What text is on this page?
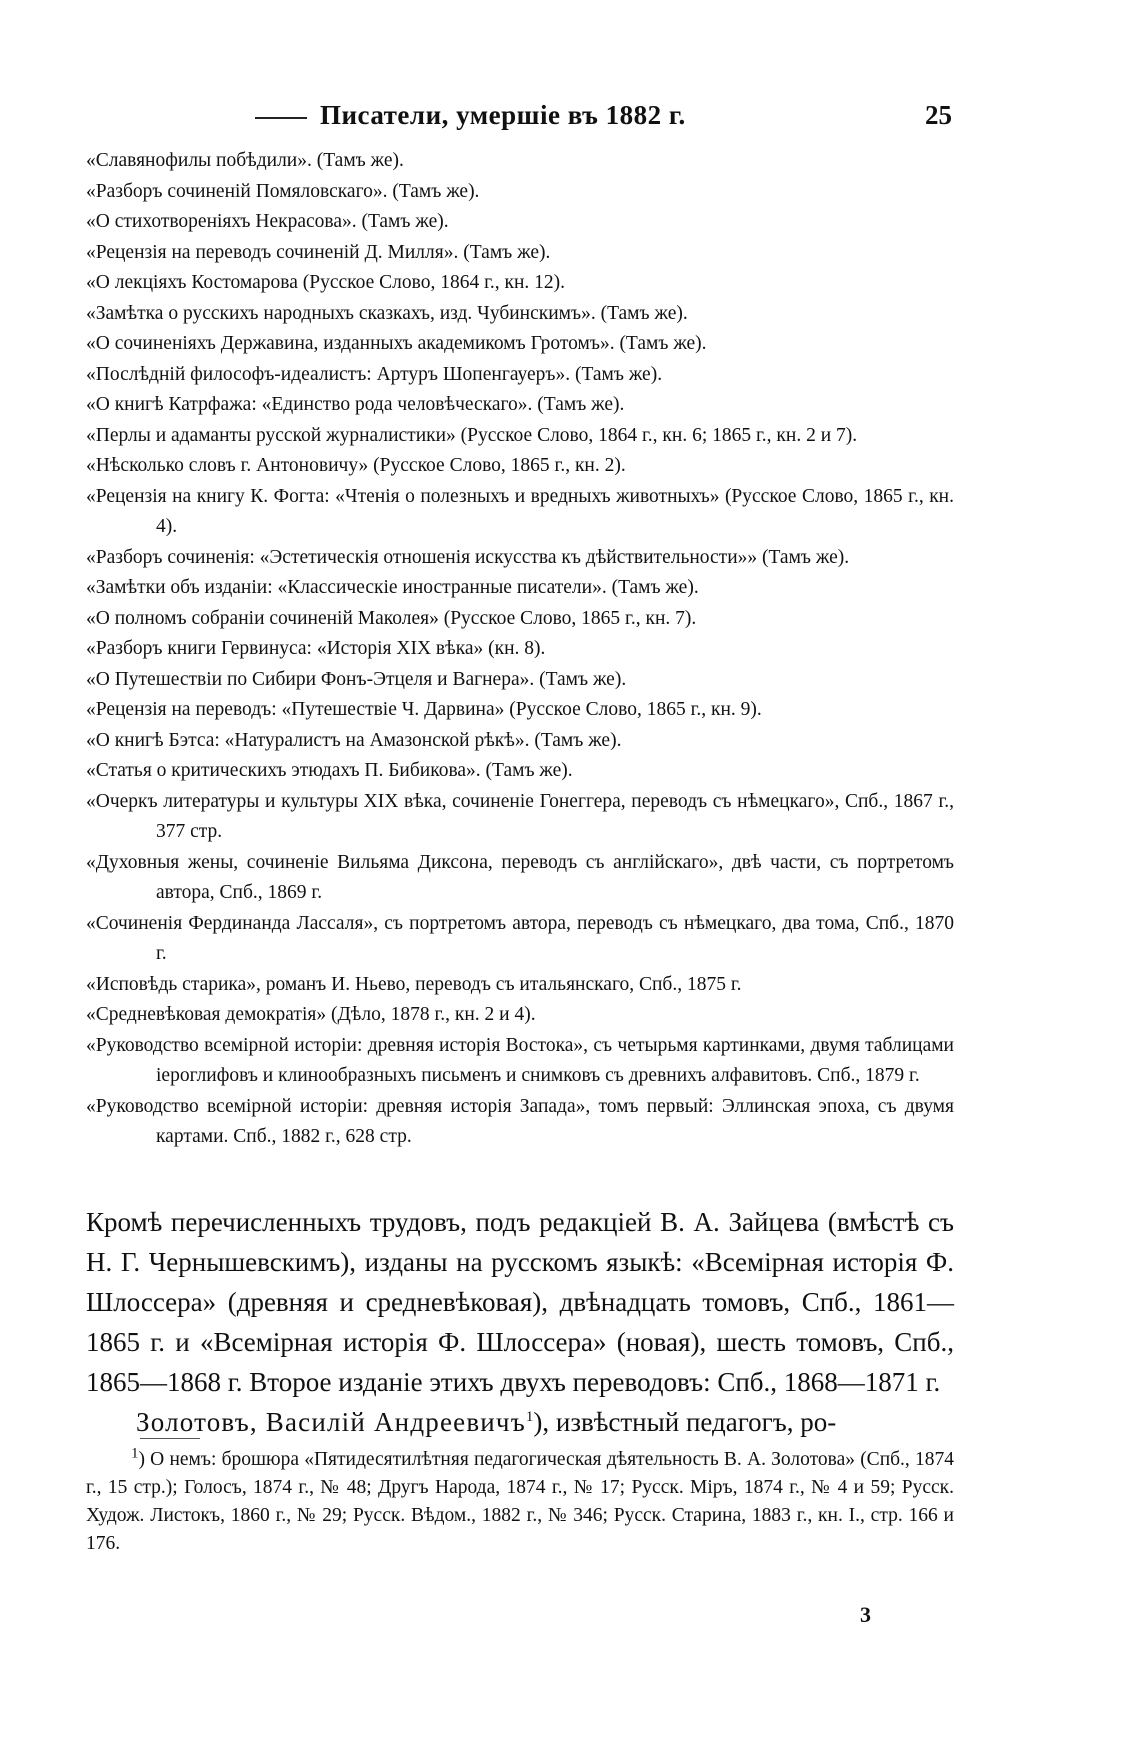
Писатели, умершіе въ 1882 г.	25
«Славянофилы побѣдили». (Тамъ же).
«Разборъ сочиненій Помяловскаго». (Тамъ же).
«О стихотвореніяхъ Некрасова». (Тамъ же).
«Рецензія на переводъ сочиненій Д. Милля». (Тамъ же).
«О лекціяхъ Костомарова (Русское Слово, 1864 г., кн. 12).
«Замѣтка о русскихъ народныхъ сказкахъ, изд. Чубинскимъ». (Тамъ же).
«О сочиненіяхъ Державина, изданныхъ академикомъ Гротомъ». (Тамъ же).
«Послѣдній философъ-идеалистъ: Артуръ Шопенгауеръ». (Тамъ же).
«О книгѣ Катрфажа: «Единство рода человѣческаго». (Тамъ же).
«Перлы и адаманты русской журналистики» (Русское Слово, 1864 г., кн. 6; 1865 г., кн. 2 и 7).
«Нѣсколько словъ г. Антоновичу» (Русское Слово, 1865 г., кн. 2).
«Рецензія на книгу К. Фогта: «Чтенія о полезныхъ и вредныхъ животныхъ» (Русское Слово, 1865 г., кн. 4).
«Разборъ сочиненія: «Эстетическія отношенія искусства къ дѣйствительности»» (Тамъ же).
«Замѣтки объ изданіи: «Классическіе иностранные писатели». (Тамъ же).
«О полномъ собраніи сочиненій Маколея» (Русское Слово, 1865 г., кн. 7).
«Разборъ книги Гервинуса: «Исторія XIX вѣка» (кн. 8).
«О Путешествіи по Сибири Фонъ-Этцеля и Вагнера». (Тамъ же).
«Рецензія на переводъ: «Путешествіе Ч. Дарвина» (Русское Слово, 1865 г., кн. 9).
«О книгѣ Бэтса: «Натуралистъ на Амазонской рѣкѣ». (Тамъ же).
«Статья о критическихъ этюдахъ П. Бибикова». (Тамъ же).
«Очеркъ литературы и культуры XIX вѣка, сочиненіе Гонеггера, переводъ съ нѣмецкаго», Спб., 1867 г., 377 стр.
«Духовныя жены, сочиненіе Вильяма Диксона, переводъ съ англійскаго», двѣ части, съ портретомъ автора, Спб., 1869 г.
«Сочиненія Фердинанда Лассаля», съ портретомъ автора, переводъ съ нѣмецкаго, два тома, Спб., 1870 г.
«Исповѣдь старика», романъ И. Ньево, переводъ съ итальянскаго, Спб., 1875 г.
«Средневѣковая демократія» (Дѣло, 1878 г., кн. 2 и 4).
«Руководство всемірной исторіи: древняя исторія Востока», съ четырьмя картинками, двумя таблицами іероглифовъ и клинообразныхъ письменъ и снимковъ съ древнихъ алфавитовъ. Спб., 1879 г.
«Руководство всемірной исторіи: древняя исторія Запада», томъ первый: Эллинская эпоха, съ двумя картами. Спб., 1882 г., 628 стр.

Кромѣ перечисленныхъ трудовъ, подъ редакціей В. А. Зайцева (вмѣстѣ съ Н. Г. Чернышевскимъ), изданы на русскомъ языкѣ: «Всемірная исторія Ф. Шлоссера» (древняя и средневѣковая), двѣнадцать томовъ, Спб., 1861—1865 г. и «Всемірная исторія Ф. Шлоссера» (новая), шесть томовъ, Спб., 1865—1868 г. Второе изданіе этихъ двухъ переводовъ: Спб., 1868—1871 г.

Золотовъ, Василій Андреевичъ$^1$), извѣстный педагогъ, ро-

$^1$) О немъ: брошюра «Пятидесятилѣтняя педагогическая дѣятельность В. А. Золотова» (Спб., 1874 г., 15 стр.); Голосъ, 1874 г., № 48; Другъ Народа, 1874 г., № 17; Русск. Міръ, 1874 г., № 4 и 59; Русск. Худож. Листокъ, 1860 г., № 29; Русск. Вѣдом., 1882 г., № 346; Русск. Старина, 1883 г., кн. I., стр. 166 и 176.

3
